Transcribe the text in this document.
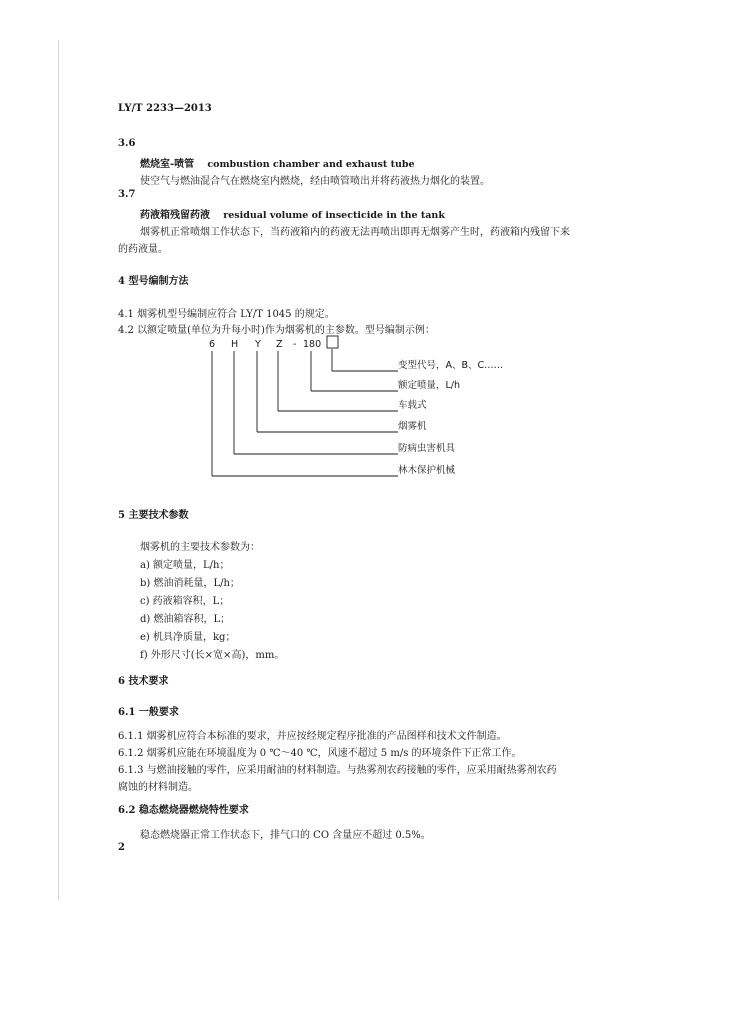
LY/T 2233—2013
3.6
燃烧室-喷管 combustion chamber and exhaust tube
使空气与燃油混合气在燃烧室内燃烧，经由喷管喷出并将药液热力烟化的装置。
3.7
药液箱残留药液 residual volume of insecticide in the tank
烟雾机正常喷烟工作状态下，当药液箱内的药液无法再喷出即再无烟雾产生时，药液箱内残留下来
的药液量。
4 型号编制方法
4.1 烟雾机型号编制应符合 LY/T 1045 的规定。
4.2 以额定喷量(单位为升每小时)作为烟雾机的主参数。型号编制示例：
6 H Y Z - 180
变型代号，A、B、C……
额定喷量，L/h
车载式
烟雾机
防病虫害机具
林木保护机械
5 主要技术参数
烟雾机的主要技术参数为：
a) 额定喷量，L/h；
b) 燃油消耗量，L/h；
c) 药液箱容积，L；
d) 燃油箱容积，L；
e) 机具净质量，kg；
f) 外形尺寸(长×宽×高)，mm。
6 技术要求
6.1 一般要求
6.1.1 烟雾机应符合本标准的要求，并应按经规定程序批准的产品图样和技术文件制造。
6.1.2 烟雾机应能在环境温度为 0 ℃～40 ℃，风速不超过 5 m/s 的环境条件下正常工作。
6.1.3 与燃油接触的零件，应采用耐油的材料制造。与热雾剂农药接触的零件，应采用耐热雾剂农药
腐蚀的材料制造。
6.2 稳态燃烧器燃烧特性要求
稳态燃烧器正常工作状态下，排气口的 CO 含量应不超过 0.5%。
2
